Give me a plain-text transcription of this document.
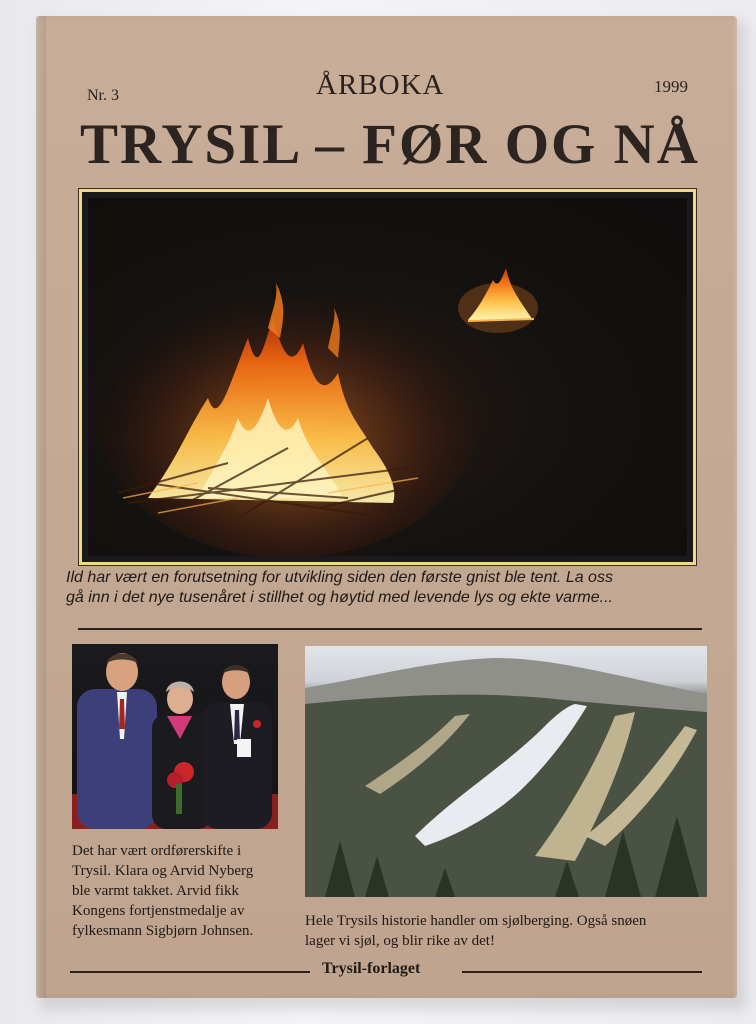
Nr. 3	ÅRBOKA	1999
TRYSIL – FØR OG NÅ
Ild har vært en forutsetning for utvikling siden den første gnist ble tent. La oss
gå inn i det nye tusenåret i stillhet og høytid med levende lys og ekte varme...
Det har vært ordførerskifte i
Trysil. Klara og Arvid Nyberg
ble varmt takket. Arvid fikk
Kongens fortjenstmedalje av
fylkesmann Sigbjørn Johnsen.
Hele Trysils historie handler om sjølberging. Også snøen
lager vi sjøl, og blir rike av det!
Trysil-forlaget
